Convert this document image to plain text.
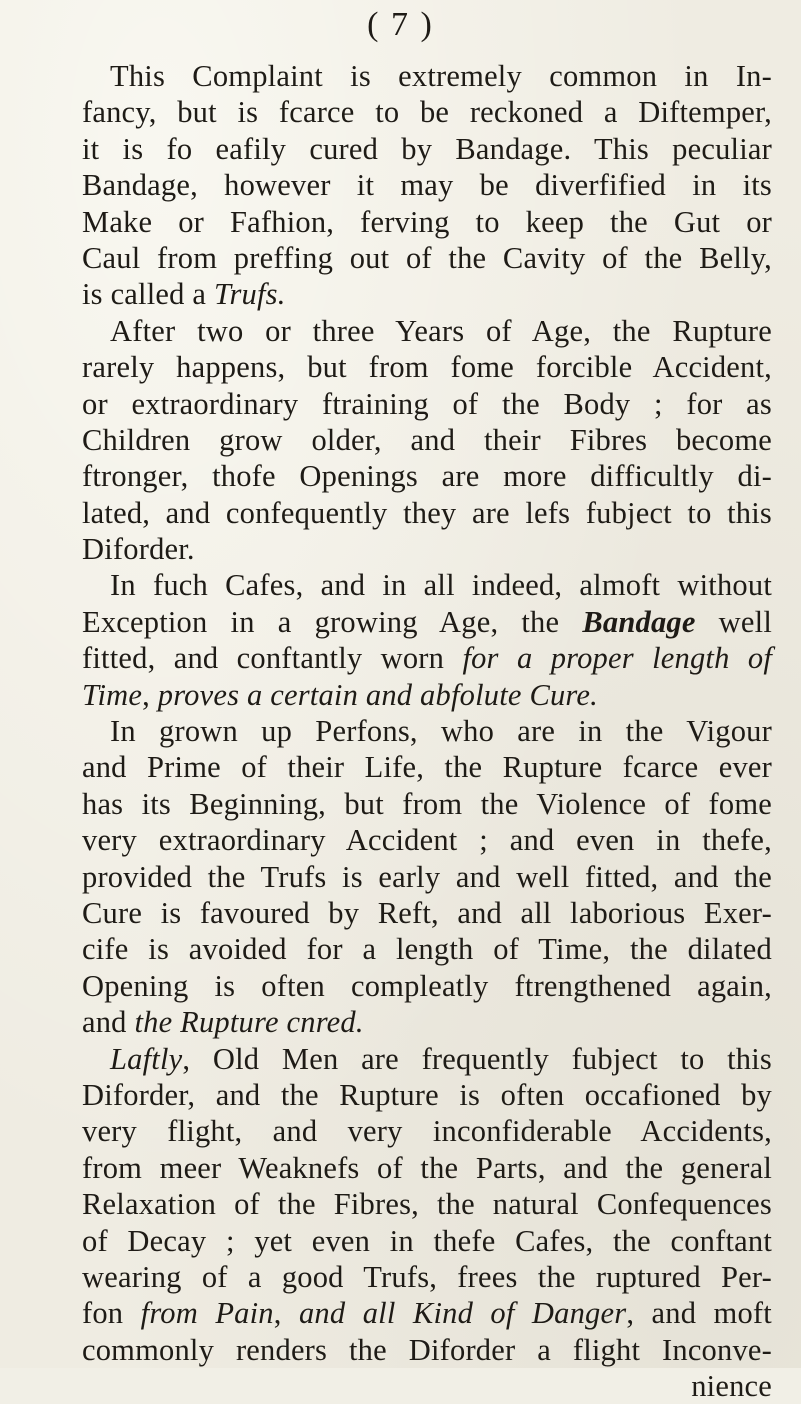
( 7 )
This Complaint is extremely common in In-
fancy, but is fcarce to be reckoned a Diftemper,
it is fo eafily cured by Bandage. This peculiar
Bandage, however it may be diverfified in its
Make or Fafhion, ferving to keep the Gut or
Caul from preffing out of the Cavity of the Belly,
is called a Trufs.
After two or three Years of Age, the Rupture
rarely happens, but from fome forcible Accident,
or extraordinary ftraining of the Body ; for as
Children grow older, and their Fibres become
ftronger, thofe Openings are more difficultly di-
lated, and confequently they are lefs fubject to this
Diforder.
In fuch Cafes, and in all indeed, almoft without
Exception in a growing Age, the Bandage well
fitted, and conftantly worn for a proper length of
Time, proves a certain and abfolute Cure.
In grown up Perfons, who are in the Vigour
and Prime of their Life, the Rupture fcarce ever
has its Beginning, but from the Violence of fome
very extraordinary Accident ; and even in thefe,
provided the Trufs is early and well fitted, and the
Cure is favoured by Reft, and all laborious Exer-
cife is avoided for a length of Time, the dilated
Opening is often compleatly ftrengthened again,
and the Rupture cnred.
Laftly, Old Men are frequently fubject to this
Diforder, and the Rupture is often occafioned by
very flight, and very inconfiderable Accidents,
from meer Weaknefs of the Parts, and the general
Relaxation of the Fibres, the natural Confequences
of Decay ; yet even in thefe Cafes, the conftant
wearing of a good Trufs, frees the ruptured Per-
fon from Pain, and all Kind of Danger, and moft
commonly renders the Diforder a flight Inconve-
nience
